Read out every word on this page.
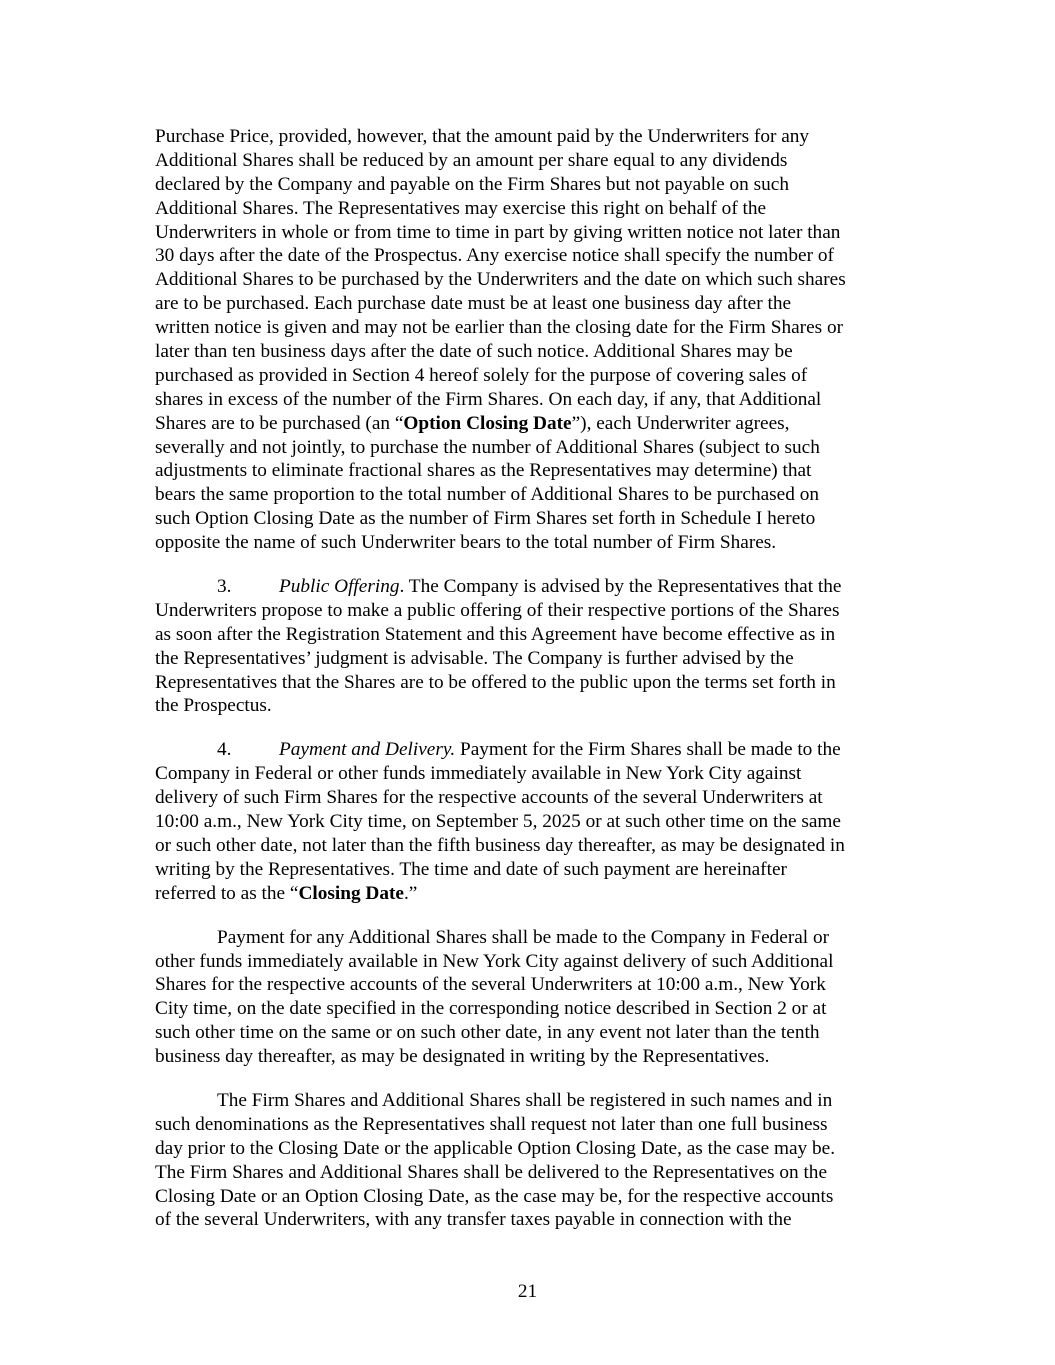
Purchase Price, provided, however, that the amount paid by the Underwriters for any
Additional Shares shall be reduced by an amount per share equal to any dividends
declared by the Company and payable on the Firm Shares but not payable on such
Additional Shares. The Representatives may exercise this right on behalf of the
Underwriters in whole or from time to time in part by giving written notice not later than
30 days after the date of the Prospectus. Any exercise notice shall specify the number of
Additional Shares to be purchased by the Underwriters and the date on which such shares
are to be purchased. Each purchase date must be at least one business day after the
written notice is given and may not be earlier than the closing date for the Firm Shares or
later than ten business days after the date of such notice. Additional Shares may be
purchased as provided in Section 4 hereof solely for the purpose of covering sales of
shares in excess of the number of the Firm Shares. On each day, if any, that Additional
Shares are to be purchased (an “Option Closing Date”), each Underwriter agrees,
severally and not jointly, to purchase the number of Additional Shares (subject to such
adjustments to eliminate fractional shares as the Representatives may determine) that
bears the same proportion to the total number of Additional Shares to be purchased on
such Option Closing Date as the number of Firm Shares set forth in Schedule I hereto
opposite the name of such Underwriter bears to the total number of Firm Shares.
3. Public Offering. The Company is advised by the Representatives that the
Underwriters propose to make a public offering of their respective portions of the Shares
as soon after the Registration Statement and this Agreement have become effective as in
the Representatives’ judgment is advisable. The Company is further advised by the
Representatives that the Shares are to be offered to the public upon the terms set forth in
the Prospectus.
4. Payment and Delivery. Payment for the Firm Shares shall be made to the
Company in Federal or other funds immediately available in New York City against
delivery of such Firm Shares for the respective accounts of the several Underwriters at
10:00 a.m., New York City time, on September 5, 2025 or at such other time on the same
or such other date, not later than the fifth business day thereafter, as may be designated in
writing by the Representatives. The time and date of such payment are hereinafter
referred to as the “Closing Date.”
Payment for any Additional Shares shall be made to the Company in Federal or
other funds immediately available in New York City against delivery of such Additional
Shares for the respective accounts of the several Underwriters at 10:00 a.m., New York
City time, on the date specified in the corresponding notice described in Section 2 or at
such other time on the same or on such other date, in any event not later than the tenth
business day thereafter, as may be designated in writing by the Representatives.
The Firm Shares and Additional Shares shall be registered in such names and in
such denominations as the Representatives shall request not later than one full business
day prior to the Closing Date or the applicable Option Closing Date, as the case may be.
The Firm Shares and Additional Shares shall be delivered to the Representatives on the
Closing Date or an Option Closing Date, as the case may be, for the respective accounts
of the several Underwriters, with any transfer taxes payable in connection with the
21
